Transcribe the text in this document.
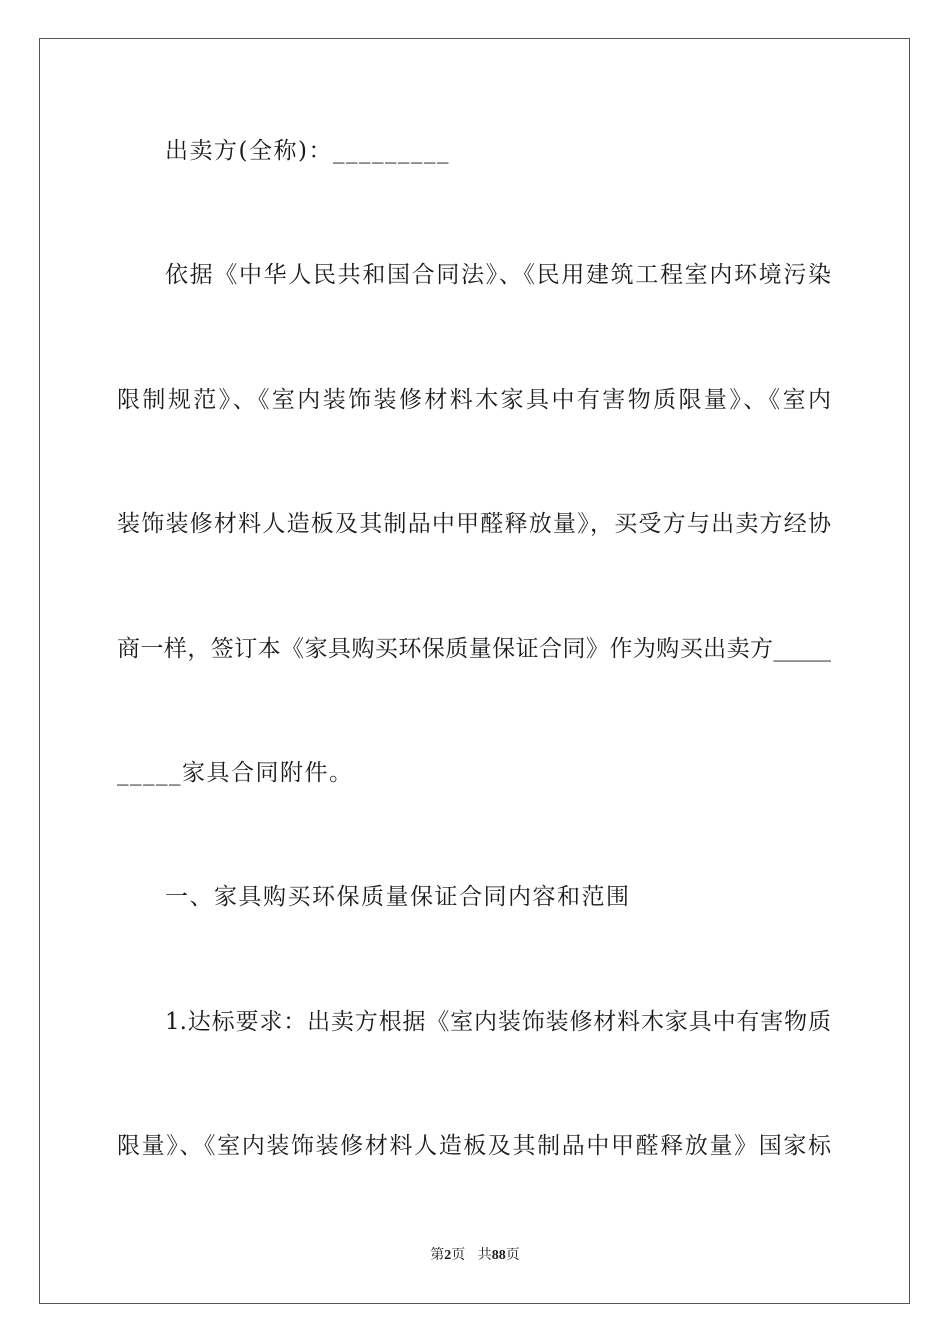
出卖方(全称)：_________
依据《中华人民共和国合同法》、《民用建筑工程室内环境污染
限制规范》、《室内装饰装修材料木家具中有害物质限量》、《室内
装饰装修材料人造板及其制品中甲醛释放量》，买受方与出卖方经协
商一样，签订本《家具购买环保质量保证合同》作为购买出卖方_____
_____家具合同附件。
一、家具购买环保质量保证合同内容和范围
1.达标要求：出卖方根据《室内装饰装修材料木家具中有害物质
限量》、《室内装饰装修材料人造板及其制品中甲醛释放量》国家标
第2页 共88页
